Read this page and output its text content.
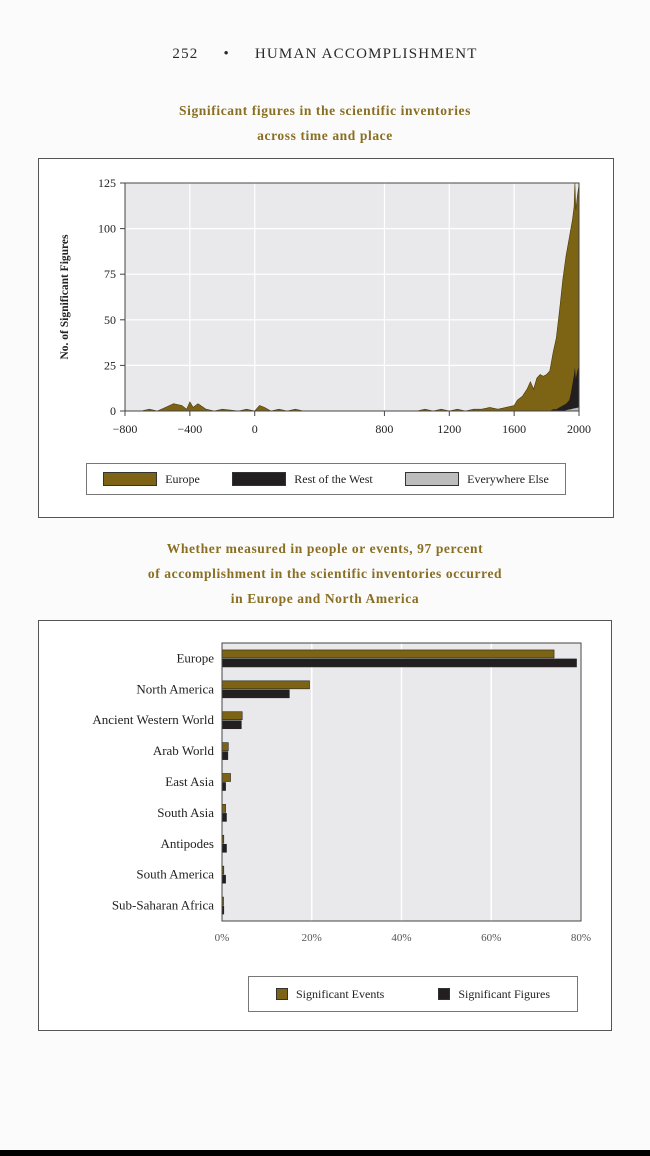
252 • HUMAN ACCOMPLISHMENT
Significant figures in the scientific inventories
across time and place
0
25
50
75
100
125
−800	−400	0	800	1200	1600	2000
No. of Significant Figures
Europe	Rest of the West	Everywhere Else
Whether measured in people or events, 97 percent
of accomplishment in the scientific inventories occurred
in Europe and North America
Europe
North America
Ancient Western World
Arab World
East Asia
South Asia
Antipodes
South America
Sub-Saharan Africa
0%	20%	40%	60%	80%
Significant Events	Significant Figures
